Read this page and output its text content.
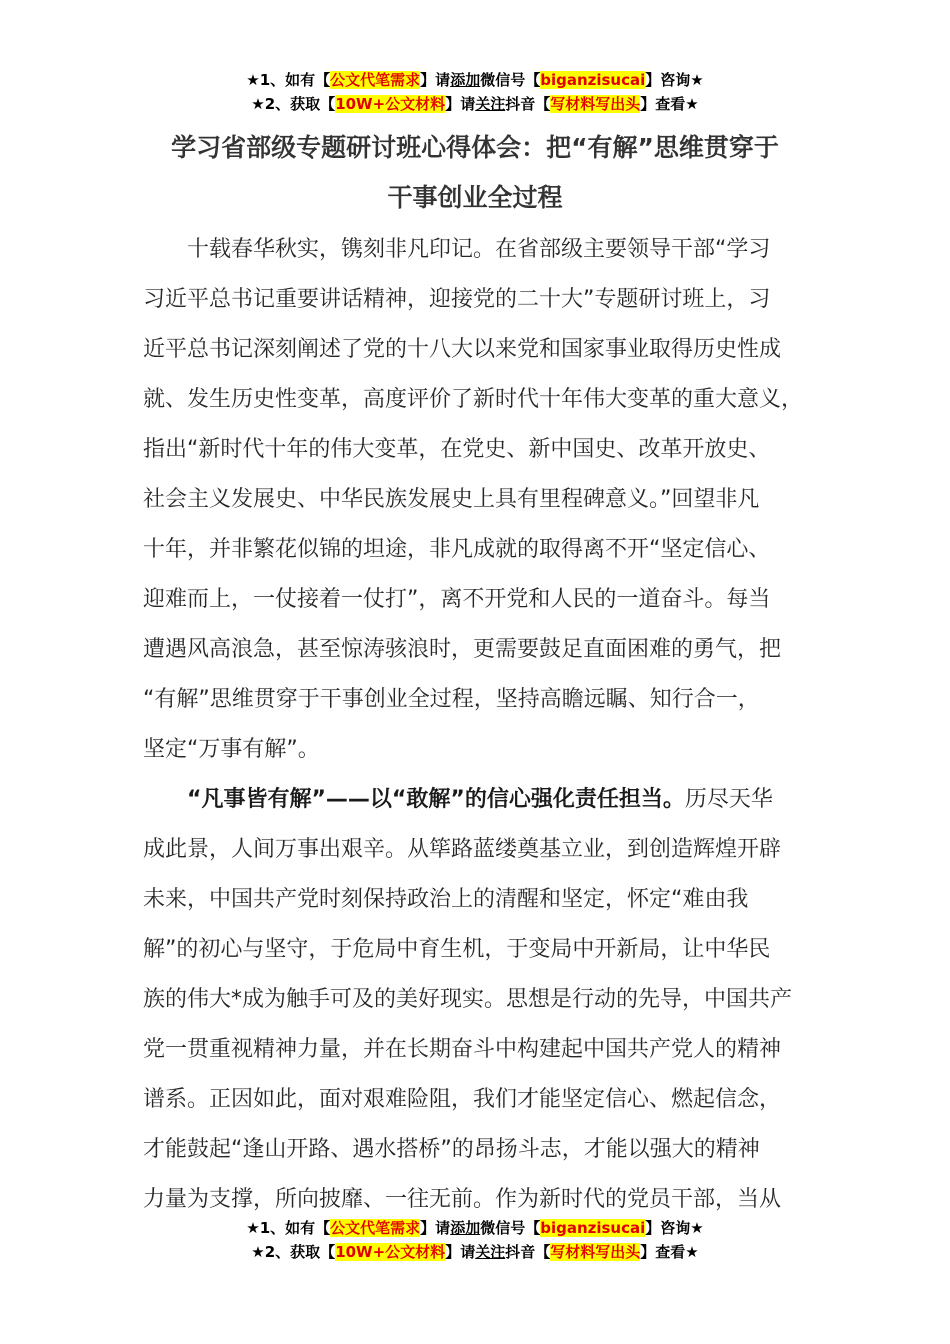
★1、如有【公文代笔需求】请添加微信号【biganzisucai】咨询★
★2、获取【10W+公文材料】请关注抖音【写材料写出头】查看★
学习省部级专题研讨班心得体会：把“有解”思维贯穿于
干事创业全过程
十载春华秋实，镌刻非凡印记。在省部级主要领导干部“学习
习近平总书记重要讲话精神，迎接党的二十大”专题研讨班上，习
近平总书记深刻阐述了党的十八大以来党和国家事业取得历史性成
就、发生历史性变革，高度评价了新时代十年伟大变革的重大意义，
指出“新时代十年的伟大变革，在党史、新中国史、改革开放史、
社会主义发展史、中华民族发展史上具有里程碑意义。”回望非凡
十年，并非繁花似锦的坦途，非凡成就的取得离不开“坚定信心、
迎难而上，一仗接着一仗打”，离不开党和人民的一道奋斗。每当
遭遇风高浪急，甚至惊涛骇浪时，更需要鼓足直面困难的勇气，把
“有解”思维贯穿于干事创业全过程，坚持高瞻远瞩、知行合一，
坚定“万事有解”。
“凡事皆有解”——以“敢解”的信心强化责任担当。历尽天华
成此景，人间万事出艰辛。从筚路蓝缕奠基立业，到创造辉煌开辟
未来，中国共产党时刻保持政治上的清醒和坚定，怀定“难由我
解”的初心与坚守，于危局中育生机，于变局中开新局，让中华民
族的伟大*成为触手可及的美好现实。思想是行动的先导，中国共产
党一贯重视精神力量，并在长期奋斗中构建起中国共产党人的精神
谱系。正因如此，面对艰难险阻，我们才能坚定信心、燃起信念，
才能鼓起“逢山开路、遇水搭桥”的昂扬斗志，才能以强大的精神
力量为支撑，所向披靡、一往无前。作为新时代的党员干部，当从
★1、如有【公文代笔需求】请添加微信号【biganzisucai】咨询★
★2、获取【10W+公文材料】请关注抖音【写材料写出头】查看★
